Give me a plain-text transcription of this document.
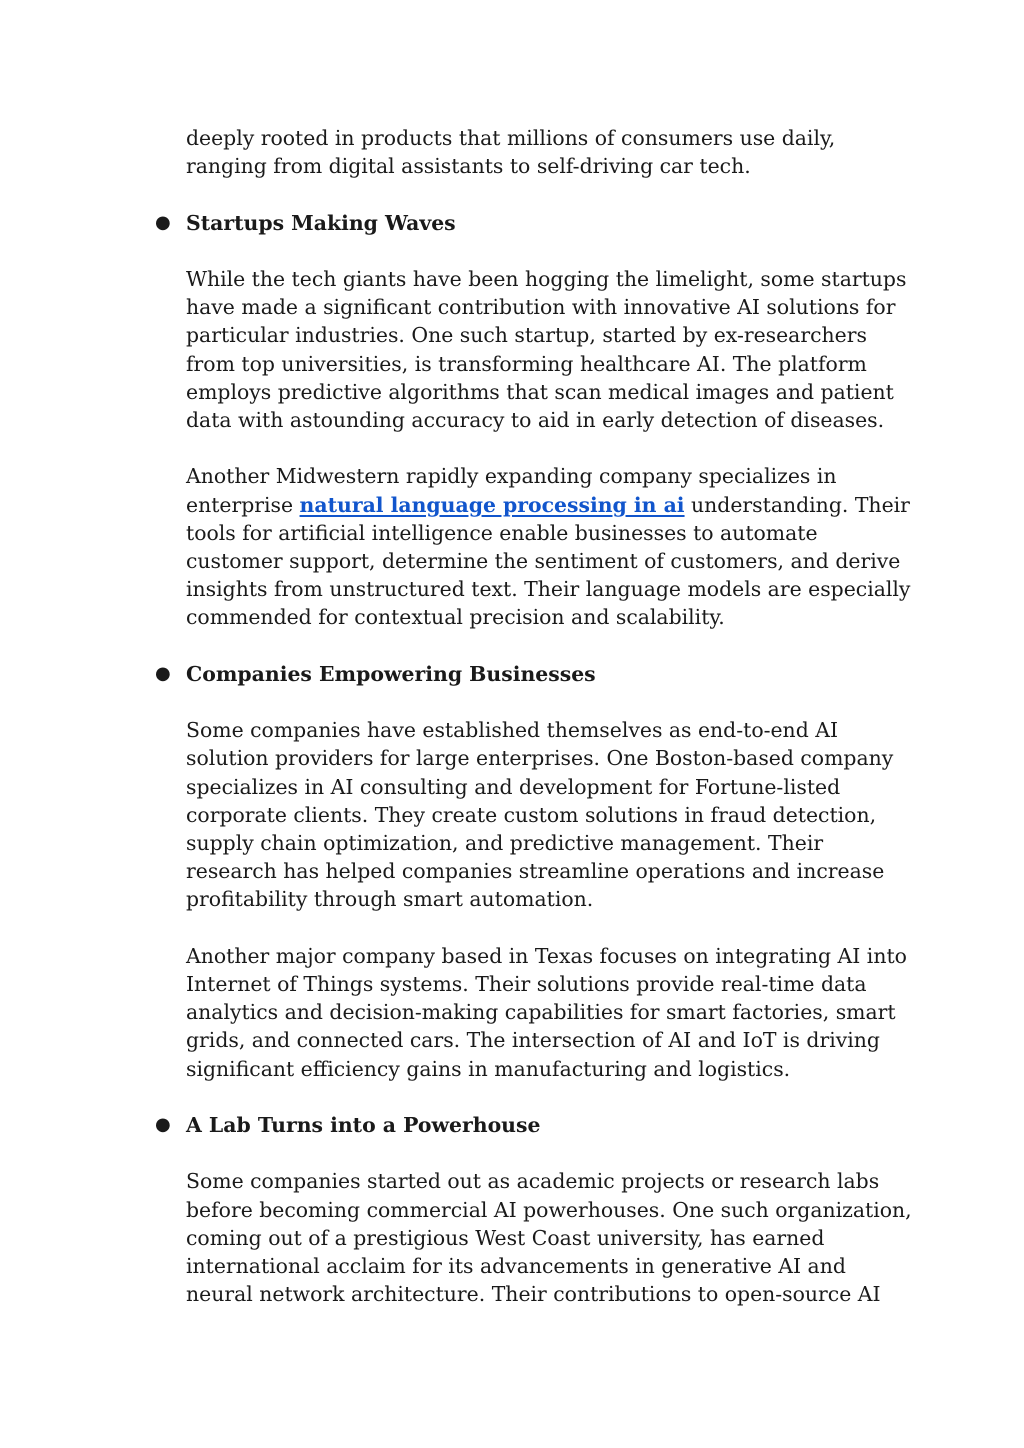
deeply rooted in products that millions of consumers use daily,
ranging from digital assistants to self-driving car tech.

● Startups Making Waves

While the tech giants have been hogging the limelight, some startups
have made a significant contribution with innovative AI solutions for
particular industries. One such startup, started by ex-researchers
from top universities, is transforming healthcare AI. The platform
employs predictive algorithms that scan medical images and patient
data with astounding accuracy to aid in early detection of diseases.

Another Midwestern rapidly expanding company specializes in
enterprise natural language processing in ai understanding. Their
tools for artificial intelligence enable businesses to automate
customer support, determine the sentiment of customers, and derive
insights from unstructured text. Their language models are especially
commended for contextual precision and scalability.

● Companies Empowering Businesses

Some companies have established themselves as end-to-end AI
solution providers for large enterprises. One Boston-based company
specializes in AI consulting and development for Fortune-listed
corporate clients. They create custom solutions in fraud detection,
supply chain optimization, and predictive management. Their
research has helped companies streamline operations and increase
profitability through smart automation.

Another major company based in Texas focuses on integrating AI into
Internet of Things systems. Their solutions provide real-time data
analytics and decision-making capabilities for smart factories, smart
grids, and connected cars. The intersection of AI and IoT is driving
significant efficiency gains in manufacturing and logistics.

● A Lab Turns into a Powerhouse

Some companies started out as academic projects or research labs
before becoming commercial AI powerhouses. One such organization,
coming out of a prestigious West Coast university, has earned
international acclaim for its advancements in generative AI and
neural network architecture. Their contributions to open-source AI
